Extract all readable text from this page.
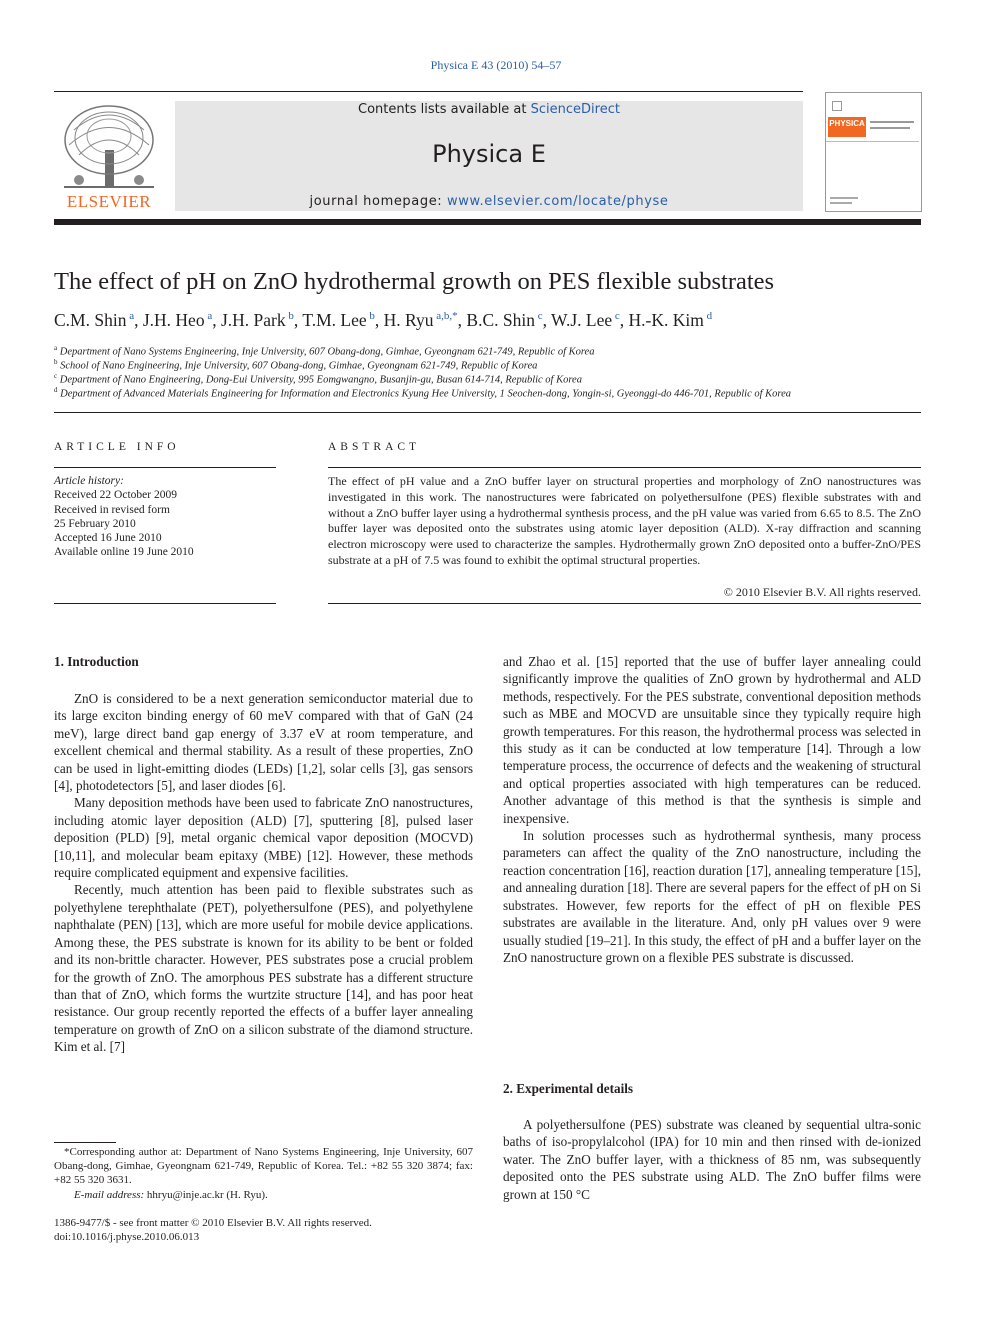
Physica E 43 (2010) 54–57
ELSEVIER
Contents lists available at ScienceDirect
Physica E
journal homepage: www.elsevier.com/locate/physe
PHYSICA
The effect of pH on ZnO hydrothermal growth on PES flexible substrates
C.M. Shin $^a$, J.H. Heo $^a$, J.H. Park $^b$, T.M. Lee $^b$, H. Ryu $^{a,b,*}$, B.C. Shin $^c$, W.J. Lee $^c$, H.-K. Kim $^d$
$^a$ Department of Nano Systems Engineering, Inje University, 607 Obang-dong, Gimhae, Gyeongnam 621-749, Republic of Korea
$^b$ School of Nano Engineering, Inje University, 607 Obang-dong, Gimhae, Gyeongnam 621-749, Republic of Korea
$^c$ Department of Nano Engineering, Dong-Eui University, 995 Eomgwangno, Busanjin-gu, Busan 614-714, Republic of Korea
$^d$ Department of Advanced Materials Engineering for Information and Electronics Kyung Hee University, 1 Seochen-dong, Yongin-si, Gyeonggi-do 446-701, Republic of Korea
ARTICLE INFO	ABSTRACT
Article history:
Received 22 October 2009
Received in revised form
25 February 2010
Accepted 16 June 2010
Available online 19 June 2010
The effect of pH value and a ZnO buffer layer on structural properties and morphology of ZnO nanostructures was investigated in this work. The nanostructures were fabricated on polyethersulfone (PES) flexible substrates with and without a ZnO buffer layer using a hydrothermal synthesis process, and the pH value was varied from 6.65 to 8.5. The ZnO buffer layer was deposited onto the substrates using atomic layer deposition (ALD). X-ray diffraction and scanning electron microscopy were used to characterize the samples. Hydrothermally grown ZnO deposited onto a buffer-ZnO/PES substrate at a pH of 7.5 was found to exhibit the optimal structural properties.
© 2010 Elsevier B.V. All rights reserved.
1. Introduction

ZnO is considered to be a next generation semiconductor material due to its large exciton binding energy of 60 meV compared with that of GaN (24 meV), large direct band gap energy of 3.37 eV at room temperature, and excellent chemical and thermal stability. As a result of these properties, ZnO can be used in light-emitting diodes (LEDs) [1,2], solar cells [3], gas sensors [4], photodetectors [5], and laser diodes [6].

Many deposition methods have been used to fabricate ZnO nanostructures, including atomic layer deposition (ALD) [7], sputtering [8], pulsed laser deposition (PLD) [9], metal organic chemical vapor deposition (MOCVD) [10,11], and molecular beam epitaxy (MBE) [12]. However, these methods require complicated equipment and expensive facilities.

Recently, much attention has been paid to flexible substrates such as polyethylene terephthalate (PET), polyethersulfone (PES), and polyethylene naphthalate (PEN) [13], which are more useful for mobile device applications. Among these, the PES substrate is known for its ability to be bent or folded and its non-brittle character. However, PES substrates pose a crucial problem for the growth of ZnO. The amorphous PES substrate has a different structure than that of ZnO, which forms the wurtzite structure [14], and has poor heat resistance. Our group recently reported the effects of a buffer layer annealing temperature on growth of ZnO on a silicon substrate of the diamond structure. Kim et al. [7]

and Zhao et al. [15] reported that the use of buffer layer annealing could significantly improve the qualities of ZnO grown by hydrothermal and ALD methods, respectively. For the PES substrate, conventional deposition methods such as MBE and MOCVD are unsuitable since they typically require high growth temperatures. For this reason, the hydrothermal process was selected in this study as it can be conducted at low temperature [14]. Through a low temperature process, the occurrence of defects and the weakening of structural and optical properties associated with high temperatures can be reduced. Another advantage of this method is that the synthesis is simple and inexpensive.

In solution processes such as hydrothermal synthesis, many process parameters can affect the quality of the ZnO nanostructure, including the reaction concentration [16], reaction duration [17], annealing temperature [15], and annealing duration [18]. There are several papers for the effect of pH on Si substrates. However, few reports for the effect of pH on flexible PES substrates are available in the literature. And, only pH values over 9 were usually studied [19–21]. In this study, the effect of pH and a buffer layer on the ZnO nanostructure grown on a flexible PES substrate is discussed.

2. Experimental details

A polyethersulfone (PES) substrate was cleaned by sequential ultra-sonic baths of iso-propylalcohol (IPA) for 10 min and then rinsed with de-ionized water. The ZnO buffer layer, with a thickness of 85 nm, was subsequently deposited onto the PES substrate using ALD. The ZnO buffer films were grown at 150 °C

*Corresponding author at: Department of Nano Systems Engineering, Inje University, 607 Obang-dong, Gimhae, Gyeongnam 621-749, Republic of Korea. Tel.: +82 55 320 3874; fax: +82 55 320 3631.

E-mail address: hhryu@inje.ac.kr (H. Ryu).

1386-9477/$ - see front matter © 2010 Elsevier B.V. All rights reserved.
doi:10.1016/j.physe.2010.06.013
